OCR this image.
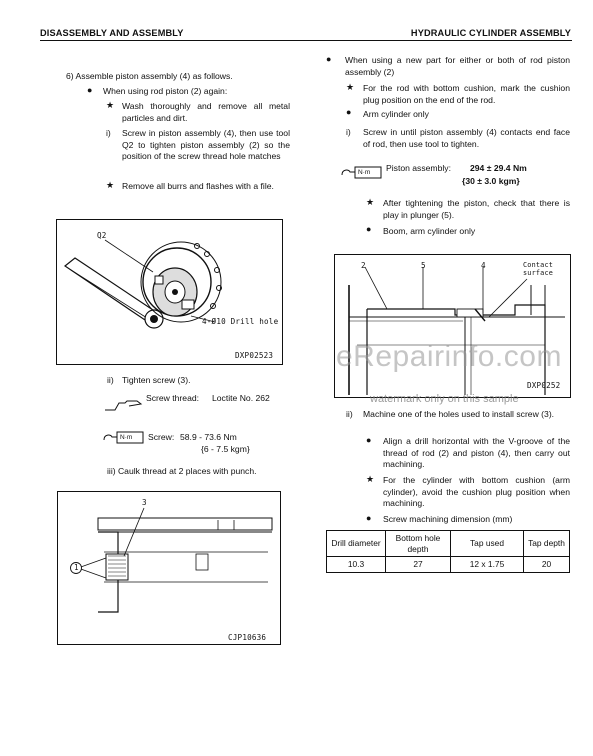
DISASSEMBLY AND ASSEMBLY	HYDRAULIC CYLINDER ASSEMBLY
6) Assemble piston assembly (4) as follows.
● When using rod piston (2) again:
★ Wash thoroughly and remove all metal particles and dirt.
i) Screw in piston assembly (4), then use tool Q2 to tighten piston assembly (2) so the position of the screw thread hole matches
★ Remove all burrs and flashes with a file.
Q2
4-Ø10 Drill hole
DXP02523
ii) Tighten screw (3).
Screw thread: Loctite No. 262
N·m Screw: 58.9 - 73.6 Nm
{6 - 7.5 kgm}
iii) Caulk thread at 2 places with punch.
3
1
CJP10636
● When using a new part for either or both of rod piston assembly (2)
★ For the rod with bottom cushion, mark the cushion plug position on the end of the rod.
● Arm cylinder only
i) Screw in until piston assembly (4) contacts end face of rod, then use tool to tighten.
N·m Piston assembly: 294 ± 29.4 Nm
{30 ± 3.0 kgm}
★ After tightening the piston, check that there is play in plunger (5).
● Boom, arm cylinder only
2	5	4	Contact
surface
DXP0252
ii) Machine one of the holes used to install screw (3).
● Align a drill horizontal with the V-groove of the thread of rod (2) and piston (4), then carry out machining.
★ For the cylinder with bottom cushion (arm cylinder), avoid the cushion plug position when machining.
● Screw machining dimension (mm)
Drill diameter	Bottom hole depth	Tap used	Tap depth
10.3	27	12 x 1.75	20
eRepairinfo.com
watermark only on this sample
